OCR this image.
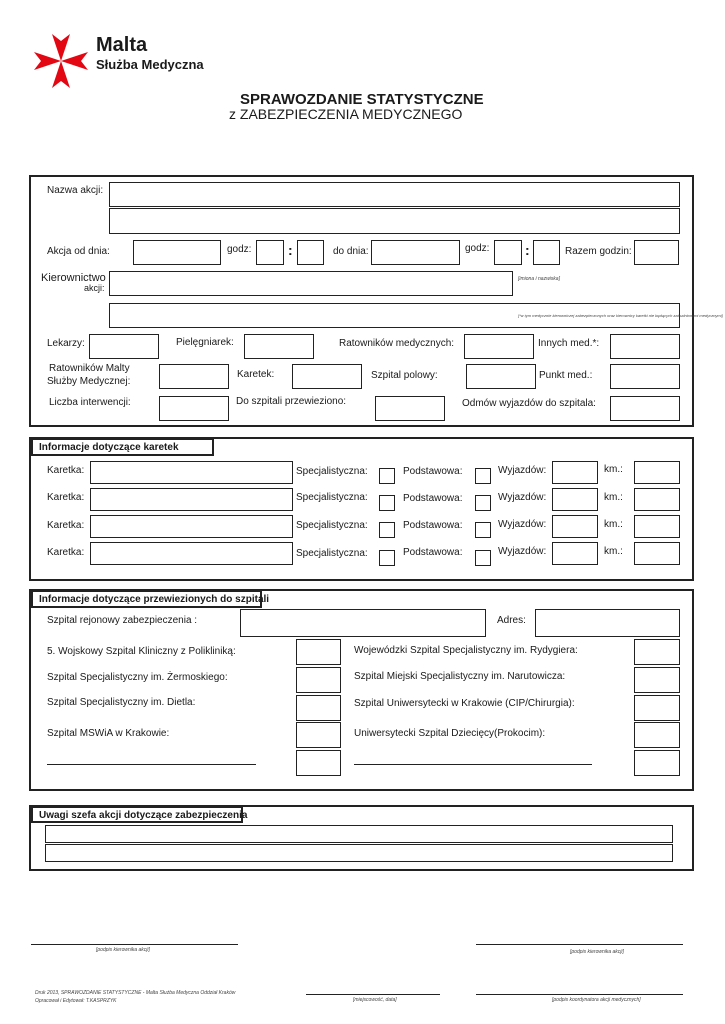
Malta
Służba Medyczna
SPRAWOZDANIE STATYSTYCZNE
z ZABEZPIECZENIA MEDYCZNEGO
Nazwa akcji:
Akcja od dnia:	godz:	:	do dnia:	godz:	:	Razem godzin:
Kierownictwo
akcji:
[imiona i nazwiska]
[*w tym medycznie kierowniczej zabezpieczonych oraz kierownicy karetki nie będących zatrudnionymi medycznymi]
Lekarzy:	Pielęgniarek:	Ratowników medycznych:	Innych med.*:
Ratowników Malty
Służby Medycznej:
Karetek:	Szpital polowy:	Punkt med.:
Liczba interwencji:	Do szpitali przewieziono:	Odmów wyjazdów do szpitala:
Informacje dotyczące karetek
Karetka:	Specjalistyczna:	Podstawowa:	Wyjazdów:	km.:
Karetka:	Specjalistyczna:	Podstawowa:	Wyjazdów:	km.:
Karetka:	Specjalistyczna:	Podstawowa:	Wyjazdów:	km.:
Karetka:	Specjalistyczna:	Podstawowa:	Wyjazdów:	km.:
Informacje dotyczące przewiezionych do szpitali
Szpital rejonowy zabezpieczenia :	Adres:
5. Wojskowy Szpital Kliniczny z Polikliniką:
Szpital Specjalistyczny im. Żermoskiego:
Szpital Specjalistyczny im. Dietla:
Szpital MSWiA w Krakowie:
Wojewódzki Szpital Specjalistyczny im. Rydygiera:
Szpital Miejski Specjalistyczny im. Narutowicza:
Szpital Uniwersytecki w Krakowie (CIP/Chirurgia):
Uniwersytecki Szpital Dziecięcy(Prokocim):
Uwagi szefa akcji dotyczące zabezpieczenia
[podpis kierownika akcji]	[podpis kierownika akcji]
Druk 2013, SPRAWOZDANIE STATYSTYCZNE - Malta Służba Medyczna Oddział Kraków
Opracował i Edytował: T.KASPRZYK	[miejscowość, data]	[podpis koordynatora akcji medycznych]
